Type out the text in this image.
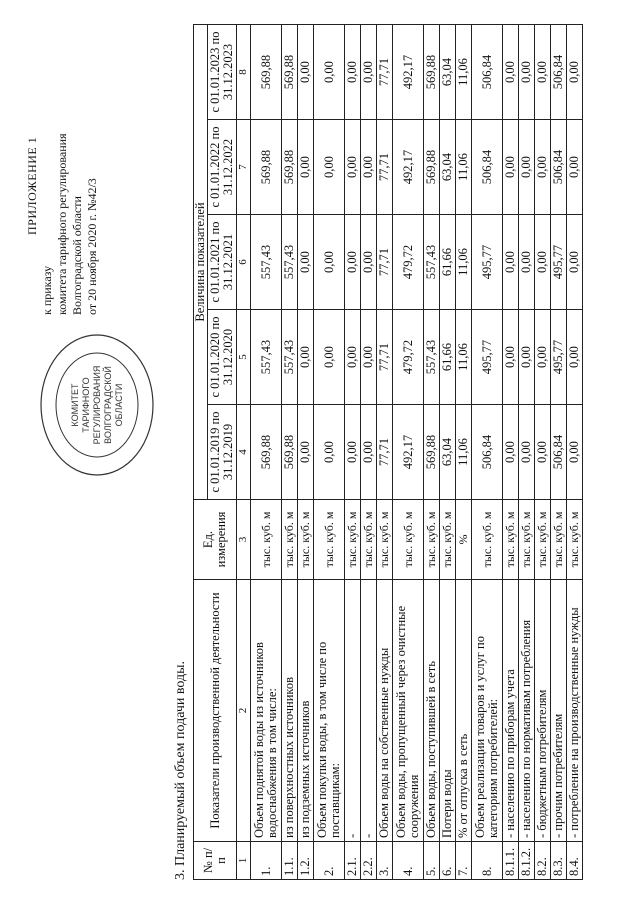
ПРИЛОЖЕНИЕ 1
к приказу комитета тарифного регулирования Волгоградской области от 20 ноября 2020 г. №42/3
КОМИТЕТ ТАРИФНОГО РЕГУЛИРОВАНИЯ ВОЛГОГРАДСКОЙ ОБЛАСТИ
3. Планируемый объем подачи воды. № п/п	Показатели производственной деятельности	Ед. измерения	Величина показателей				
			с 01.01.2019 по 31.12.2019	с 01.01.2020 по 31.12.2020	с 01.01.2021 по 31.12.2021	с 01.01.2022 по 31.12.2022	с 01.01.2023 по 31.12.2023
1	2	3	4	5	6	7	8
1.	Объем поднятой воды из источников водоснабжения в том числе:	тыс. куб. м	569,88	557,43	557,43	569,88	569,88
1.1.	из поверхностных источников	тыс. куб. м	569,88	557,43	557,43	569,88	569,88
1.2.	из подземных источников	тыс. куб. м	0,00	0,00	0,00	0,00	0,00
2.	Объем покупки воды, в том числе по поставщикам:	тыс. куб. м	0,00	0,00	0,00	0,00	0,00
2.1.	-	тыс. куб. м	0,00	0,00	0,00	0,00	0,00
2.2.	-	тыс. куб. м	0,00	0,00	0,00	0,00	0,00
3.	Объем воды на собственные нужды	тыс. куб. м	77,71	77,71	77,71	77,71	77,71
4.	Объем воды, пропущенный через очистные сооружения	тыс. куб. м	492,17	479,72	479,72	492,17	492,17
5.	Объем воды, поступившей в сеть	тыс. куб. м	569,88	557,43	557,43	569,88	569,88
6.	Потери воды	тыс. куб. м	63,04	61,66	61,66	63,04	63,04
7.	% от отпуска в сеть	%	11,06	11,06	11,06	11,06	11,06
8.	Объем реализации товаров и услуг по категориям потребителей:	тыс. куб. м	506,84	495,77	495,77	506,84	506,84
8.1.1.	- населению по приборам учета	тыс. куб. м	0,00	0,00	0,00	0,00	0,00
8.1.2.	- населению по нормативам потребления	тыс. куб. м	0,00	0,00	0,00	0,00	0,00
8.2.	- бюджетным потребителям	тыс. куб. м	0,00	0,00	0,00	0,00	0,00
8.3.	- прочим потребителям	тыс. куб. м	506,84	495,77	495,77	506,84	506,84
8.4.	- потребление на производственные нужды	тыс. куб. м	0,00	0,00	0,00	0,00	0,00
